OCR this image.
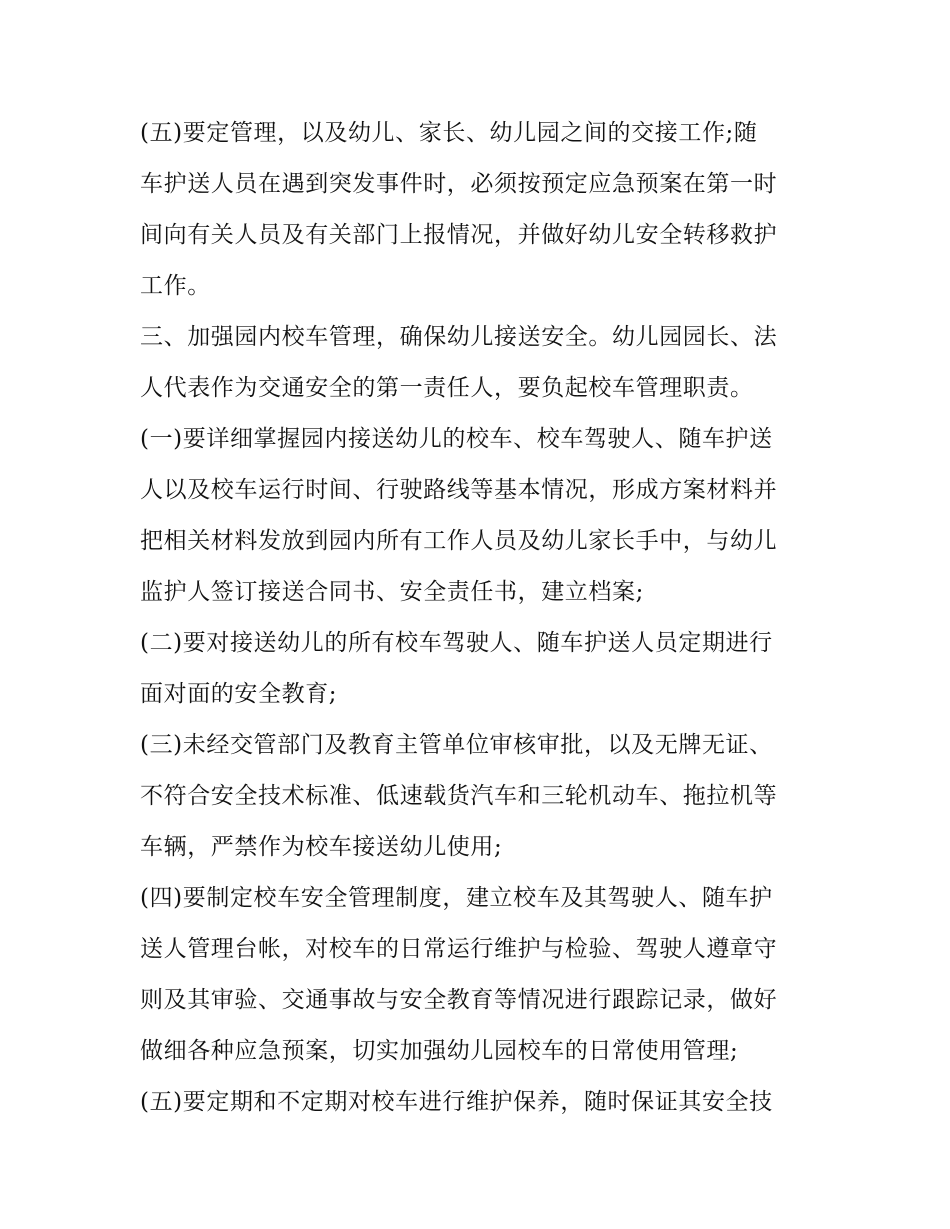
(五)要定管理，以及幼儿、家长、幼儿园之间的交接工作;随
车护送人员在遇到突发事件时，必须按预定应急预案在第一时
间向有关人员及有关部门上报情况，并做好幼儿安全转移救护
工作。
三、加强园内校车管理，确保幼儿接送安全。幼儿园园长、法
人代表作为交通安全的第一责任人，要负起校车管理职责。
(一)要详细掌握园内接送幼儿的校车、校车驾驶人、随车护送
人以及校车运行时间、行驶路线等基本情况，形成方案材料并
把相关材料发放到园内所有工作人员及幼儿家长手中，与幼儿
监护人签订接送合同书、安全责任书，建立档案;
(二)要对接送幼儿的所有校车驾驶人、随车护送人员定期进行
面对面的安全教育;
(三)未经交管部门及教育主管单位审核审批，以及无牌无证、
不符合安全技术标准、低速载货汽车和三轮机动车、拖拉机等
车辆，严禁作为校车接送幼儿使用;
(四)要制定校车安全管理制度，建立校车及其驾驶人、随车护
送人管理台帐，对校车的日常运行维护与检验、驾驶人遵章守
则及其审验、交通事故与安全教育等情况进行跟踪记录，做好
做细各种应急预案，切实加强幼儿园校车的日常使用管理;
(五)要定期和不定期对校车进行维护保养，随时保证其安全技
